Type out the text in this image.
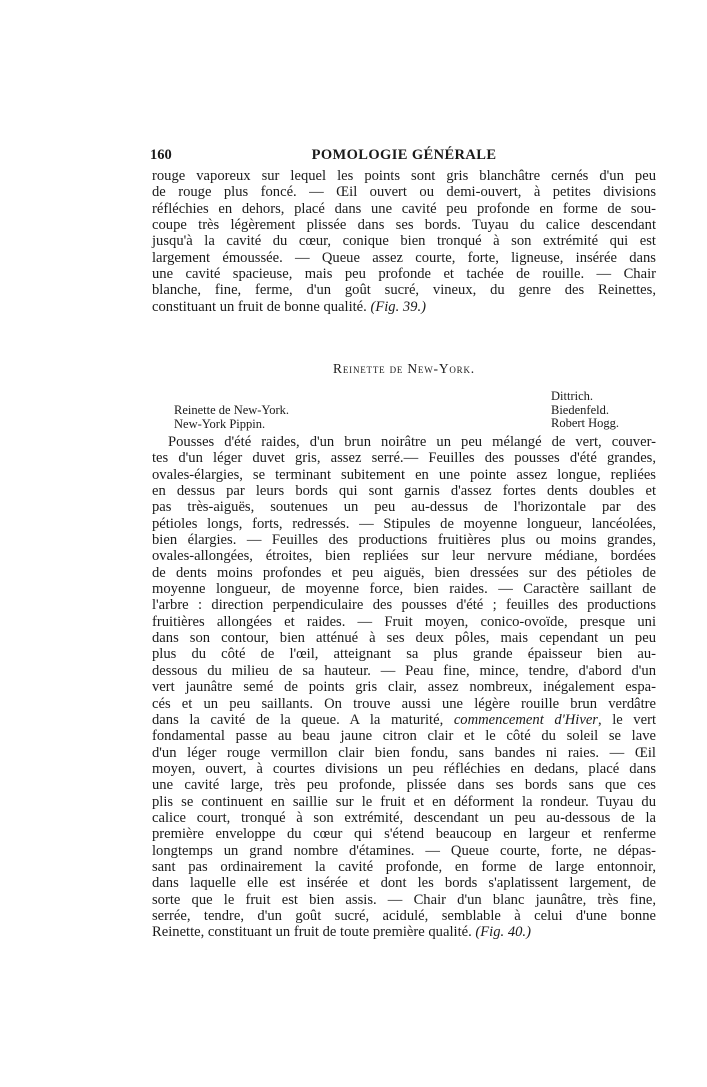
160	POMOLOGIE GÉNÉRALE
rouge vaporeux sur lequel les points sont gris blanchâtre cernés d'un peu
de rouge plus foncé. — Œil ouvert ou demi-ouvert, à petites divisions
réfléchies en dehors, placé dans une cavité peu profonde en forme de sou-
coupe très légèrement plissée dans ses bords. Tuyau du calice descendant
jusqu'à la cavité du cœur, conique bien tronqué à son extrémité qui est
largement émoussée. — Queue assez courte, forte, ligneuse, insérée dans
une cavité spacieuse, mais peu profonde et tachée de rouille. — Chair
blanche, fine, ferme, d'un goût sucré, vineux, du genre des Reinettes,
constituant un fruit de bonne qualité. (Fig. 39.)
Reinette de New-York.
Reinette de New-York.
New-York Pippin.
Dittrich.
Biedenfeld.
Robert Hogg.
Pousses d'été raides, d'un brun noirâtre un peu mélangé de vert, couver-
tes d'un léger duvet gris, assez serré.— Feuilles des pousses d'été grandes,
ovales-élargies, se terminant subitement en une pointe assez longue, repliées
en dessus par leurs bords qui sont garnis d'assez fortes dents doubles et
pas très-aiguës, soutenues un peu au-dessus de l'horizontale par des
pétioles longs, forts, redressés. — Stipules de moyenne longueur, lancéolées,
bien élargies. — Feuilles des productions fruitières plus ou moins grandes,
ovales-allongées, étroites, bien repliées sur leur nervure médiane, bordées
de dents moins profondes et peu aiguës, bien dressées sur des pétioles de
moyenne longueur, de moyenne force, bien raides. — Caractère saillant de
l'arbre : direction perpendiculaire des pousses d'été ; feuilles des productions
fruitières allongées et raides. — Fruit moyen, conico-ovoïde, presque uni
dans son contour, bien atténué à ses deux pôles, mais cependant un peu
plus du côté de l'œil, atteignant sa plus grande épaisseur bien au-
dessous du milieu de sa hauteur. — Peau fine, mince, tendre, d'abord d'un
vert jaunâtre semé de points gris clair, assez nombreux, inégalement espa-
cés et un peu saillants. On trouve aussi une légère rouille brun verdâtre
dans la cavité de la queue. A la maturité, commencement d'Hiver, le vert
fondamental passe au beau jaune citron clair et le côté du soleil se lave
d'un léger rouge vermillon clair bien fondu, sans bandes ni raies. — Œil
moyen, ouvert, à courtes divisions un peu réfléchies en dedans, placé dans
une cavité large, très peu profonde, plissée dans ses bords sans que ces
plis se continuent en saillie sur le fruit et en déforment la rondeur. Tuyau du
calice court, tronqué à son extrémité, descendant un peu au-dessous de la
première enveloppe du cœur qui s'étend beaucoup en largeur et renferme
longtemps un grand nombre d'étamines. — Queue courte, forte, ne dépas-
sant pas ordinairement la cavité profonde, en forme de large entonnoir,
dans laquelle elle est insérée et dont les bords s'aplatissent largement, de
sorte que le fruit est bien assis. — Chair d'un blanc jaunâtre, très fine,
serrée, tendre, d'un goût sucré, acidulé, semblable à celui d'une bonne
Reinette, constituant un fruit de toute première qualité. (Fig. 40.)
